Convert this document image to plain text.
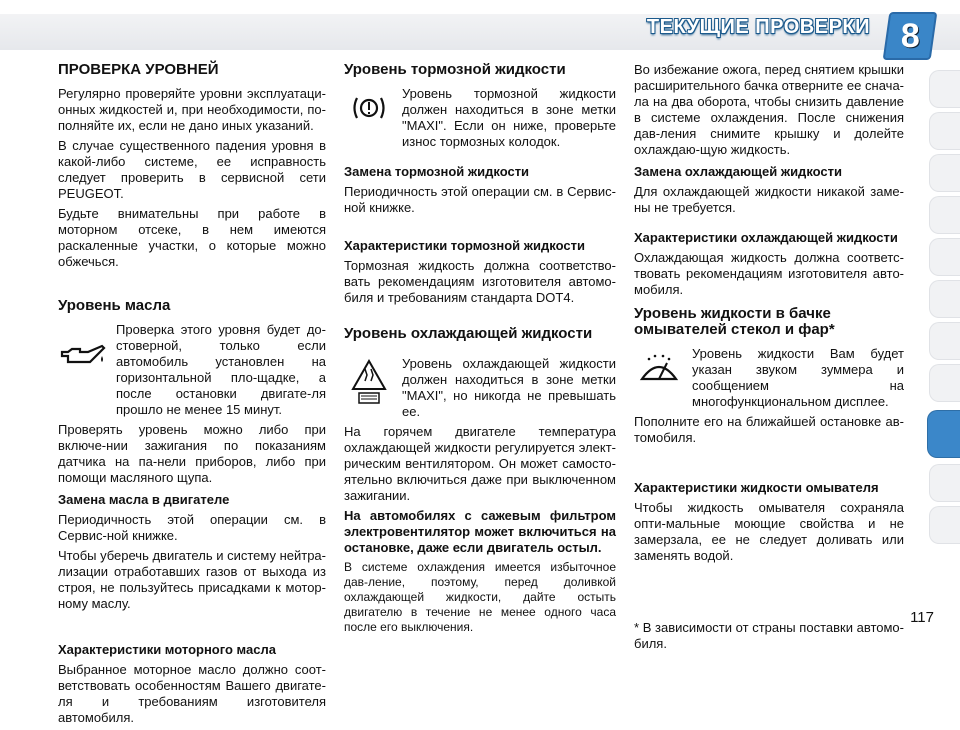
ТЕКУЩИЕ ПРОВЕРКИ 8
ПРОВЕРКА УРОВНЕЙ

Регулярно проверяйте уровни эксплуатаци-онных жидкостей и, при необходимости, по-полняйте их, если не дано иных указаний.

В случае существенного падения уровня в какой-либо системе, ее исправность следует проверить в сервисной сети PEUGEOT.

Будьте внимательны при работе в моторном отсеке, в нем имеются раскаленные участки, о которые можно обжечься.

Уровень масла

Проверка этого уровня будет до-стоверной, только если автомобиль установлен на горизонтальной пло-щадке, а после остановки двигате-ля прошло не менее 15 минут.

Проверять уровень можно либо при включе-нии зажигания по показаниям датчика на па-нели приборов, либо при помощи масляного щупа.

Замена масла в двигателе

Периодичность этой операции см. в Сервис-ной книжке.

Чтобы уберечь двигатель и систему нейтра-лизации отработавших газов от выхода из строя, не пользуйтесь присадками к мотор-ному маслу.

Характеристики моторного масла

Выбранное моторное масло должно соот-ветствовать особенностям Вашего двигате-ля и требованиям изготовителя автомобиля.

Уровень тормозной жидкости

Уровень тормозной жидкости должен находиться в зоне метки "MAXI". Если он ниже, проверьте износ тормозных колодок.

Замена тормозной жидкости

Периодичность этой операции см. в Сервис-ной книжке.

Характеристики тормозной жидкости

Тормозная жидкость должна соответство-вать рекомендациям изготовителя автомо-биля и требованиям стандарта DOT4.

Уровень охлаждающей жидкости

Уровень охлаждающей жидкости должен находиться в зоне метки "MAXI", но никогда не превышать ее.

На горячем двигателе температура охлаждающей жидкости регулируется элект-рическим вентилятором. Он может самосто-ятельно включиться даже при выключенном зажигании.

На автомобилях с сажевым фильтром электровентилятор может включиться на остановке, даже если двигатель остыл.

В системе охлаждения имеется избыточное дав-ление, поэтому, перед доливкой охлаждающей жидкости, дайте остыть двигателю в течение не менее одного часа после его выключения.

Во избежание ожога, перед снятием крышки расширительного бачка отверните ее снача-ла на два оборота, чтобы снизить давление в системе охлаждения. После снижения дав-ления снимите крышку и долейте охлаждаю-щую жидкость.

Замена охлаждающей жидкости

Для охлаждающей жидкости никакой заме-ны не требуется.

Характеристики охлаждающей жидкости

Охлаждающая жидкость должна соответс-твовать рекомендациям изготовителя авто-мобиля.

Уровень жидкости в бачке омывателей стекол и фар*

Уровень жидкости Вам будет указан звуком зуммера и сообщением на многофункциональном дисплее.

Пополните его на ближайшей остановке ав-томобиля.

Характеристики жидкости омывателя

Чтобы жидкость омывателя сохраняла опти-мальные моющие свойства и не замерзала, ее не следует доливать или заменять водой.

* В зависимости от страны поставки автомо-биля.

117
